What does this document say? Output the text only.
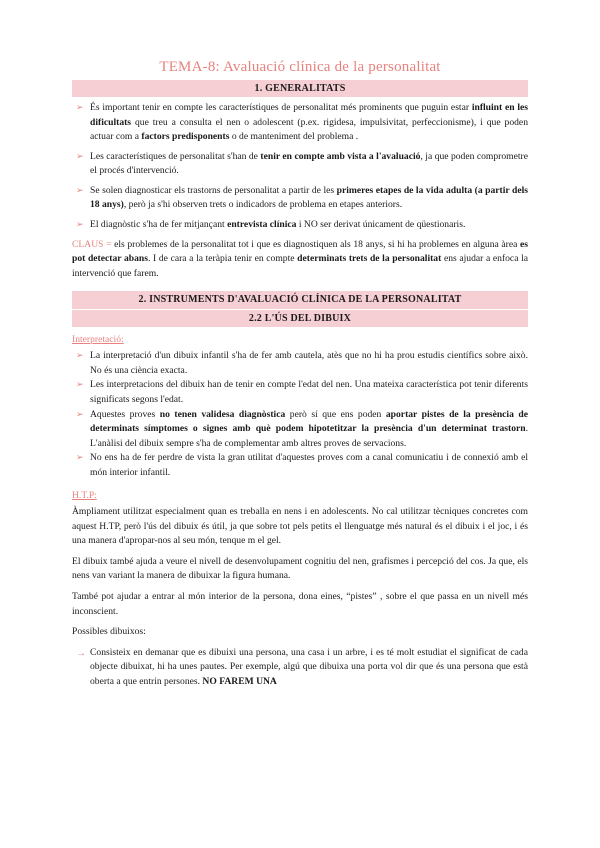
TEMA-8: Avaluació clínica de la personalitat
1. GENERALITATS
➢ És important tenir en compte les característiques de personalitat més prominents que puguin estar influint en les dificultats que treu a consulta el nen o adolescent (p.ex. rigidesa, impulsivitat, perfeccionisme), i que poden actuar com a factors predisponents o de manteniment del problema .
➢ Les característiques de personalitat s'han de tenir en compte amb vista a l'avaluació, ja que poden comprometre el procés d'intervenció.
➢ Se solen diagnosticar els trastorns de personalitat a partir de les primeres etapes de la vida adulta (a partir dels 18 anys), però ja s'hi observen trets o indicadors de problema en etapes anteriors.
➢ El diagnòstic s'ha de fer mitjançant entrevista clínica i NO ser derivat únicament de qüestionaris.

CLAUS = els problemes de la personalitat tot i que es diagnostiquen als 18 anys, si hi ha problemes en alguna àrea es pot detectar abans. I de cara a la teràpia tenir en compte determinats trets de la personalitat ens ajudar a enfoca la intervenció que farem.

2. INSTRUMENTS D'AVALUACIÓ CLÍNICA DE LA PERSONALITAT
2.2 L'ÚS DEL DIBUIX
Interpretació:
➢ La interpretació d'un dibuix infantil s'ha de fer amb cautela, atès que no hi ha prou estudis científics sobre això. No és una ciència exacta.
➢ Les interpretacions del dibuix han de tenir en compte l'edat del nen. Una mateixa característica pot tenir diferents significats segons l'edat.
➢ Aquestes proves no tenen validesa diagnòstica però sí que ens poden aportar pistes de la presència de determinats símptomes o signes amb què podem hipotetitzar la presència d'un determinat trastorn. L'anàlisi del dibuix sempre s'ha de complementar amb altres proves de servacions.
➢ No ens ha de fer perdre de vista la gran utilitat d'aquestes proves com a canal comunicatiu i de connexió amb el món interior infantil.
H.T.P:

Àmpliament utilitzat especialment quan es treballa en nens i en adolescents. No cal utilitzar tècniques concretes com aquest H.TP, però l'ús del dibuix és útil, ja que sobre tot pels petits el llenguatge més natural és el dibuix i el joc, i és una manera d'apropar-nos al seu món, tenque m el gel.

El dibuix també ajuda a veure el nivell de desenvolupament cognitiu del nen, grafismes i percepció del cos. Ja que, els nens van variant la manera de dibuixar la figura humana.

També pot ajudar a entrar al món interior de la persona, dona eines, “pistes” , sobre el que passa en un nivell més inconscient.

Possibles dibuixos:

→ Consisteix en demanar que es dibuixi una persona, una casa i un arbre, i es té molt estudiat el significat de cada objecte dibuixat, hi ha unes pautes. Per exemple, algú que dibuixa una porta vol dir que és una persona que està oberta a que entrin persones. NO FAREM UNA
